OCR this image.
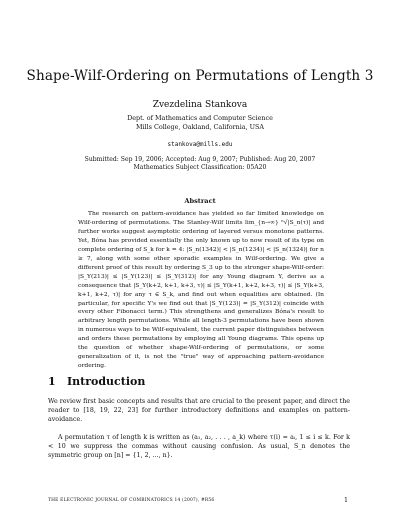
Shape-Wilf-Ordering on Permutations of Length 3
Zvezdelina Stankova
Dept. of Mathematics and Computer Science
Mills College, Oakland, California, USA
stankova@mills.edu
Submitted: Sep 19, 2006; Accepted: Aug 9, 2007; Published: Aug 20, 2007
Mathematics Subject Classification: 05A20
Abstract

The research on pattern-avoidance has yielded so far limited knowledge on Wilf-ordering of permutations. The Stanley-Wilf limits lim_{n→∞} ⁿ√|S_n(τ)| and further works suggest asymptotic ordering of layered versus monotone patterns. Yet, Bóna has provided essentially the only known up to now result of its type on complete ordering of S_k for k = 4: |S_n(1342)| < |S_n(1234)| < |S_n(1324)| for n ≥ 7, along with some other sporadic examples in Wilf-ordering. We give a different proof of this result by ordering S_3 up to the stronger shape-Wilf-order: |S_Y(213)| ≤ |S_Y(123)| ≤ |S_Y(312)| for any Young diagram Y, derive as a consequence that |S_Y(k+2, k+1, k+3, τ)| ≤ |S_Y(k+1, k+2, k+3, τ)| ≤ |S_Y(k+3, k+1, k+2, τ)| for any τ ∈ S_k, and find out when equalities are obtained. (In particular, for specific Y's we find out that |S_Y(123)| = |S_Y(312)| coincide with every other Fibonacci term.) This strengthens and generalizes Bóna's result to arbitrary length permutations. While all length-3 permutations have been shown in numerous ways to be Wilf-equivalent, the current paper distinguishes between and orders these permutations by employing all Young diagrams. This opens up the question of whether shape-Wilf-ordering of permutations, or some generalization of it, is not the "true" way of approaching pattern-avoidance ordering.

1 Introduction

We review first basic concepts and results that are crucial to the present paper, and direct the reader to [18, 19, 22, 23] for further introductory definitions and examples on pattern-avoidance.

A permutation τ of length k is written as (a₁, a₂, . . . , a_k) where τ(i) = aᵢ, 1 ≤ i ≤ k. For k < 10 we suppress the commas without causing confusion. As usual, S_n denotes the symmetric group on [n] = {1, 2, ..., n}.

THE ELECTRONIC JOURNAL OF COMBINATORICS 14 (2007), #R56	1
